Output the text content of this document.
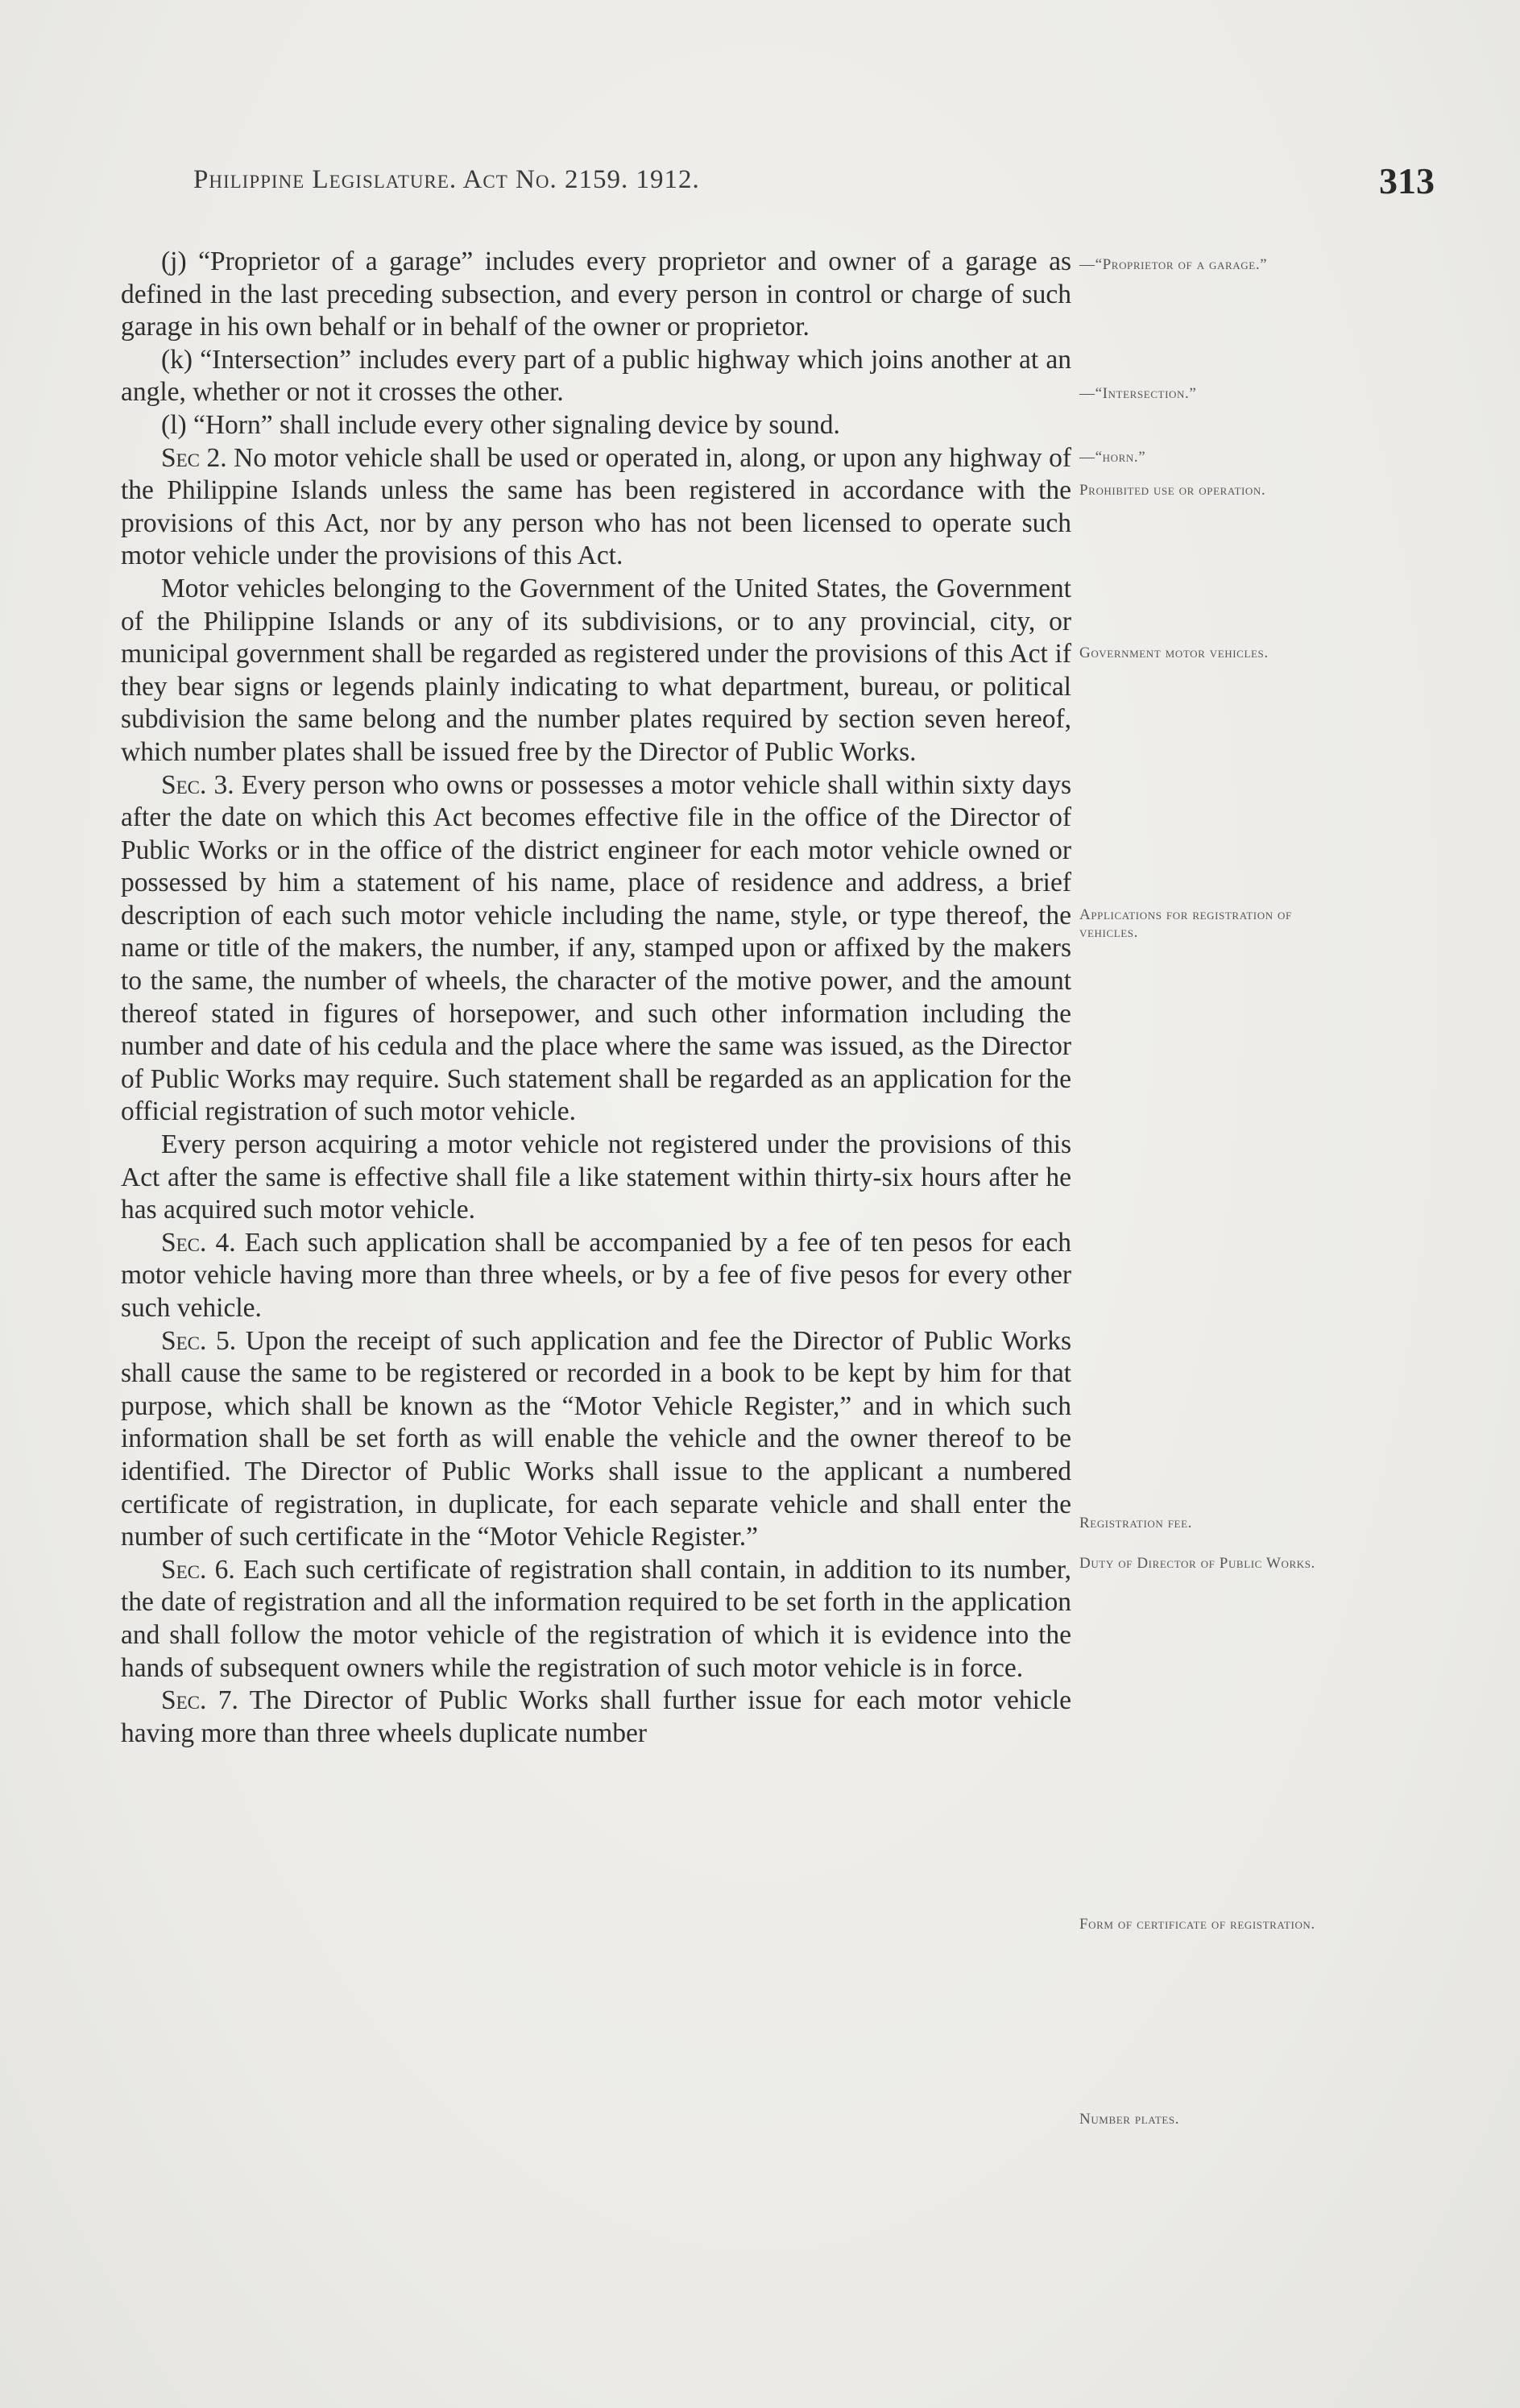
Philippine Legislature. Act No. 2159. 1912.	313

(j) “Proprietor of a garage” includes every proprietor and owner of a garage as defined in the last preceding subsection, and every person in control or charge of such garage in his own behalf or in behalf of the owner or proprietor.

(k) “Intersection” includes every part of a public highway which joins another at an angle, whether or not it crosses the other.

(l) “Horn” shall include every other signaling device by sound.

Sec 2. No motor vehicle shall be used or operated in, along, or upon any highway of the Philippine Islands unless the same has been registered in accordance with the provisions of this Act, nor by any person who has not been licensed to operate such motor vehicle under the provisions of this Act.

Motor vehicles belonging to the Government of the United States, the Government of the Philippine Islands or any of its subdivisions, or to any provincial, city, or municipal government shall be regarded as registered under the provisions of this Act if they bear signs or legends plainly indicating to what department, bureau, or political subdivision the same belong and the number plates required by section seven hereof, which number plates shall be issued free by the Director of Public Works.

Sec. 3. Every person who owns or possesses a motor vehicle shall within sixty days after the date on which this Act becomes effective file in the office of the Director of Public Works or in the office of the district engineer for each motor vehicle owned or possessed by him a statement of his name, place of residence and address, a brief description of each such motor vehicle including the name, style, or type thereof, the name or title of the makers, the number, if any, stamped upon or affixed by the makers to the same, the number of wheels, the character of the motive power, and the amount thereof stated in figures of horsepower, and such other information including the number and date of his cedula and the place where the same was issued, as the Director of Public Works may require. Such statement shall be regarded as an application for the official registration of such motor vehicle.

Every person acquiring a motor vehicle not registered under the provisions of this Act after the same is effective shall file a like statement within thirty-six hours after he has acquired such motor vehicle.

Sec. 4. Each such application shall be accompanied by a fee of ten pesos for each motor vehicle having more than three wheels, or by a fee of five pesos for every other such vehicle.

Sec. 5. Upon the receipt of such application and fee the Director of Public Works shall cause the same to be registered or recorded in a book to be kept by him for that purpose, which shall be known as the “Motor Vehicle Register,” and in which such information shall be set forth as will enable the vehicle and the owner thereof to be identified. The Director of Public Works shall issue to the applicant a numbered certificate of registration, in duplicate, for each separate vehicle and shall enter the number of such certificate in the “Motor Vehicle Register.”

Sec. 6. Each such certificate of registration shall contain, in addition to its number, the date of registration and all the information required to be set forth in the application and shall follow the motor vehicle of the registration of which it is evidence into the hands of subsequent owners while the registration of such motor vehicle is in force.

Sec. 7. The Director of Public Works shall further issue for each motor vehicle having more than three wheels duplicate number

—“Proprietor of a garage.”
—“Intersection.”
—“horn.”
Prohibited use or operation.
Government motor vehicles.
Applications for registration of vehicles.
Registration fee.
Duty of Director of Public Works.
Form of certificate of registration.
Number plates.
